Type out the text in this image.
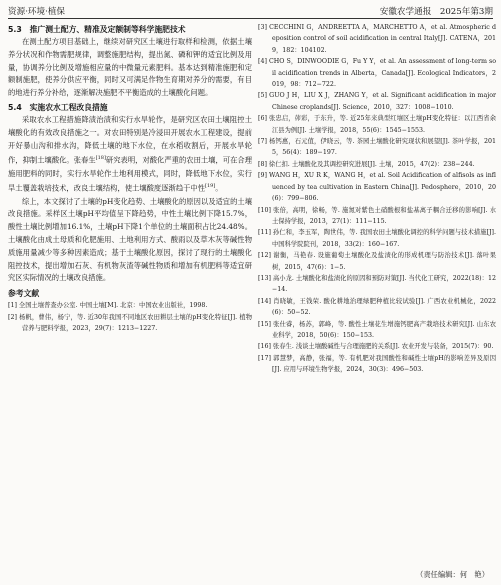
资源·环境·植保	安徽农学通报　2025年第3期
5.3　推广测土配方、精准及定额制等科学施肥技术

在测土配方项目基础上，继续对研究区土壤进行取样和检测，依据土壤养分状况和作物需肥规律，调整施肥结构，提出氮、磷和钾的适宜比例及用量，协调养分比例及增施相应量的中微量元素肥料。基本达到精准施肥和定额制施肥，使养分供应平衡，同时又可满足作物生育期对养分的需要，有目的地进行养分补给，逐渐解决施肥不平衡造成的土壤酸化问题。

5.4　实施农水工程改良措施

采取农水工程措施降渍治渍和实行水旱轮作，是研究区农田土壤阻控土壤酸化的有效改良措施之一。对农田特别是冷浸田开展农水工程建设，提前开好暴山沟和排水沟，降低土壤的地下水位，在水稻收割后，开展水旱轮作，抑制土壤酸化。张春生[18]研究表明，对酸化严重的农田土壤，可在合理施用肥料的同时，实行水旱轮作土地利用模式，同时，降低地下水位，实行旱土覆盖栽培技术，改良土壤结构，使土壤酸度逐渐趋于中性[19]。

综上，本文探讨了土壤的pH变化趋势、土壤酸化的原因以及适宜的土壤改良措施。采样区土壤pH平均值呈下降趋势，中性土壤比例下降15.7%，酸性土壤比例增加16.1%，土壤pH下降1个单位的土壤面积占比24.48%。土壤酸化由成土母质和化肥施用、土地利用方式、酸雨以及草木灰等碱性物质施用量减少等多种因素造成；基于土壤酸化原因，探讨了现行的土壤酸化阻控技术，提出增加石灰、有机物灰渣等碱性物质和增加有机肥料等适宜研究区实际情况的土壤改良措施。

参考文献

[1] 全国土壤普查办公室. 中国土壤[M]. 北京：中国农业出版社，1998.

[2] 杨帆，曹伟，杨宁，等. 近30年我国不同地区农田耕层土壤的pH变化特征[J]. 植物营养与肥料学报，2023，29(7)：1213−1227.

[3] CECCHINI G，ANDREETTA A，MARCHETTO A，et al. Atmospheric deposition control of soil acidification in central Italy[J]. CATENA，2019，182：104102.

[4] CHO S，DINWOODIE G，Fu Y Y，et al. An assessment of long-term soil acidification trends in Alberta，Canada[J]. Ecological Indicators，2019，98：712−722.

[5] GUO J H，LIU X J，ZHANG Y，et al. Significant acidification in major Chinese croplands[J]. Science，2010，327：1008−1010.

[6] 张忠启，茆彩，于东升，等. 近25年来典型红壤区土壤pH变化特征：以江西省余江县为例[J]. 土壤学报，2018，55(6)：1545−1553.

[7] 杨钙惠，石元值，伊晓云，等. 茶园土壤酸化研究现状和展望[J]. 茶叶学报，2015，56(4)：189−197.

[8] 徐仁扣. 土壤酸化及其调控研究进展[J]. 土壤，2015，47(2)：238−244.

[9] WANG H，XU R K，WANG H，et al. Soil Acidification of alfisols as influenced by tea cultivation in Eastern China[J]. Pedosphere，2010，20(6)：799−806.

[10] 张倍，高明，徐畅，等. 施氮对紫色土硝酸根和盐基离子耦合迁移的影响[J]. 水土保持学报，2013，27(1)：111−115.

[11] 孙仁和，李玉军，陶世伟，等. 我国农田土壤酸化调控的科学问题与技术措施[J]. 中国科学院院刊，2018，33(2)：160−167.

[12] 谢衡，马艳春. 设施葡萄土壤酸化及盐渍化的形成机理与防治技术[J]. 落叶果树，2015，47(6)：1−5.

[13] 高小龙. 土壤酸化和盐渍化的原因和预防对策[J]. 当代化工研究，2022(18)：12−14.

[14] 肖晓敏，王钱荣. 酸化耕地治理绿肥种植比较试验[J]. 广西农业机械化，2022(6)：50−52.

[15] 张仕睿，杨苏，郭峰，等. 酸性土壤花生增施钙肥高产栽培技术研究[J]. 山东农业科学，2018，50(6)：150−153.

[16] 张春生. 浅谈土壤酸碱性与合理施肥的关系[J]. 农业开发与装备，2015(7)：90.

[17] 郭慧梦，高静，张福，等. 有机肥对我国酸性和碱性土壤pH的影响差异及原因[J]. 应用与环境生物学报，2024，30(3)：496−503.

（责任编辑：何　艳）
